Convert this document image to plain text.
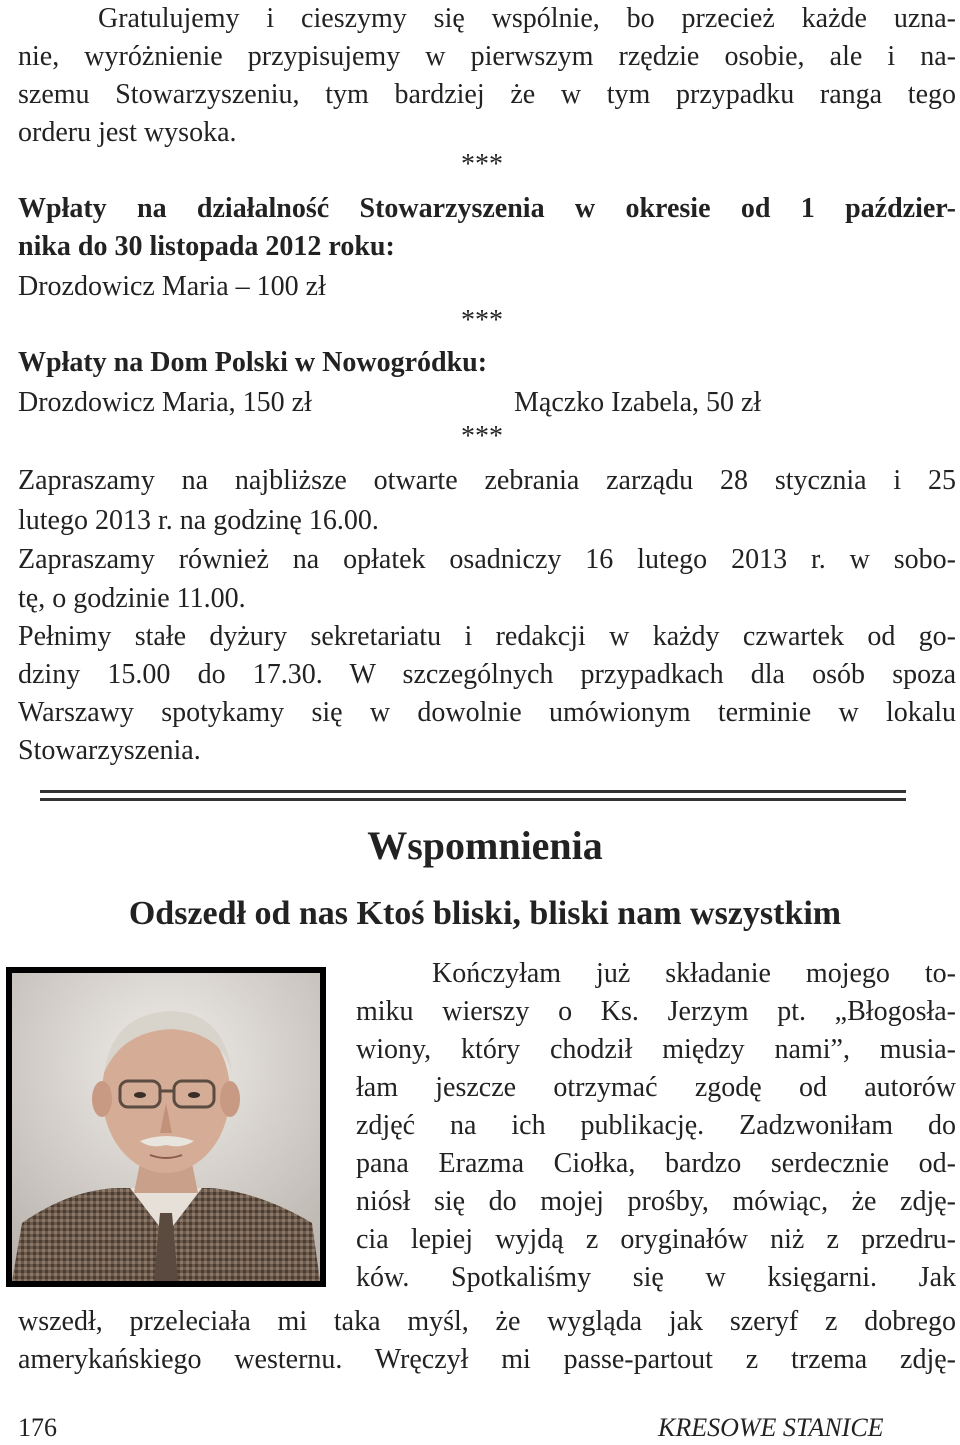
Gratulujemy i cieszymy się wspólnie, bo przecież każde uzna-
nie, wyróżnienie przypisujemy w pierwszym rzędzie osobie, ale i na-
szemu Stowarzyszeniu, tym bardziej że w tym przypadku ranga tego
orderu jest wysoka.
***
Wpłaty na działalność Stowarzyszenia w okresie od 1 paździer-
nika do 30 listopada 2012 roku:
Drozdowicz Maria – 100 zł
***
Wpłaty na Dom Polski w Nowogródku:
Drozdowicz Maria, 150 zł	Mączko Izabela, 50 zł
***
Zapraszamy na najbliższe otwarte zebrania zarządu 28 stycznia i 25
lutego 2013 r. na godzinę 16.00.
Zapraszamy również na opłatek osadniczy 16 lutego 2013 r. w sobo-
tę, o godzinie 11.00.
Pełnimy stałe dyżury sekretariatu i redakcji w każdy czwartek od go-
dziny 15.00 do 17.30. W szczególnych przypadkach dla osób spoza
Warszawy spotykamy się w dowolnie umówionym terminie w lokalu
Stowarzyszenia.
Wspomnienia
Odszedł od nas Ktoś bliski, bliski nam wszystkim
Kończyłam już składanie mojego to-
miku wierszy o Ks. Jerzym pt. „Błogosła-
wiony, który chodził między nami”, musia-
łam jeszcze otrzymać zgodę od autorów
zdjęć na ich publikację. Zadzwoniłam do
pana Erazma Ciołka, bardzo serdecznie od-
niósł się do mojej prośby, mówiąc, że zdję-
cia lepiej wyjdą z oryginałów niż z przedru-
ków. Spotkaliśmy się w księgarni. Jak
wszedł, przeleciała mi taka myśl, że wygląda jak szeryf z dobrego
amerykańskiego westernu. Wręczył mi passe-partout z trzema zdję-
176	KRESOWE STANICE
